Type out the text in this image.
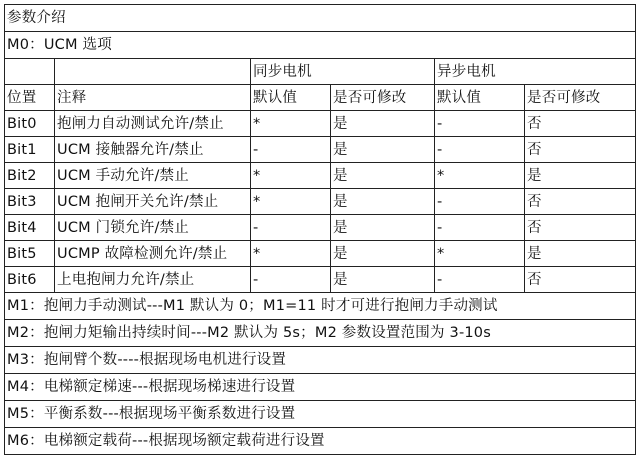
参数介绍					
M0：UCM 选项					
		同步电机		异步电机	
位置	注释	默认值	是否可修改	默认值	是否可修改
Bit0	抱闸力自动测试允许/禁止	*	是	-	否
Bit1	UCM 接触器允许/禁止	-	是	-	否
Bit2	UCM 手动允许/禁止	*	是	*	是
Bit3	UCM 抱闸开关允许/禁止	*	是	-	否
Bit4	UCM 门锁允许/禁止	-	是	-	否
Bit5	UCMP 故障检测允许/禁止	*	是	*	是
Bit6	上电抱闸力允许/禁止	-	是	-	否
M1：抱闸力手动测试---M1 默认为 0；M1=11 时才可进行抱闸力手动测试					
M2：抱闸力矩输出持续时间---M2 默认为 5s；M2 参数设置范围为 3-10s					
M3：抱闸臂个数----根据现场电机进行设置					
M4：电梯额定梯速---根据现场梯速进行设置					
M5：平衡系数---根据现场平衡系数进行设置					
M6：电梯额定载荷---根据现场额定载荷进行设置					
